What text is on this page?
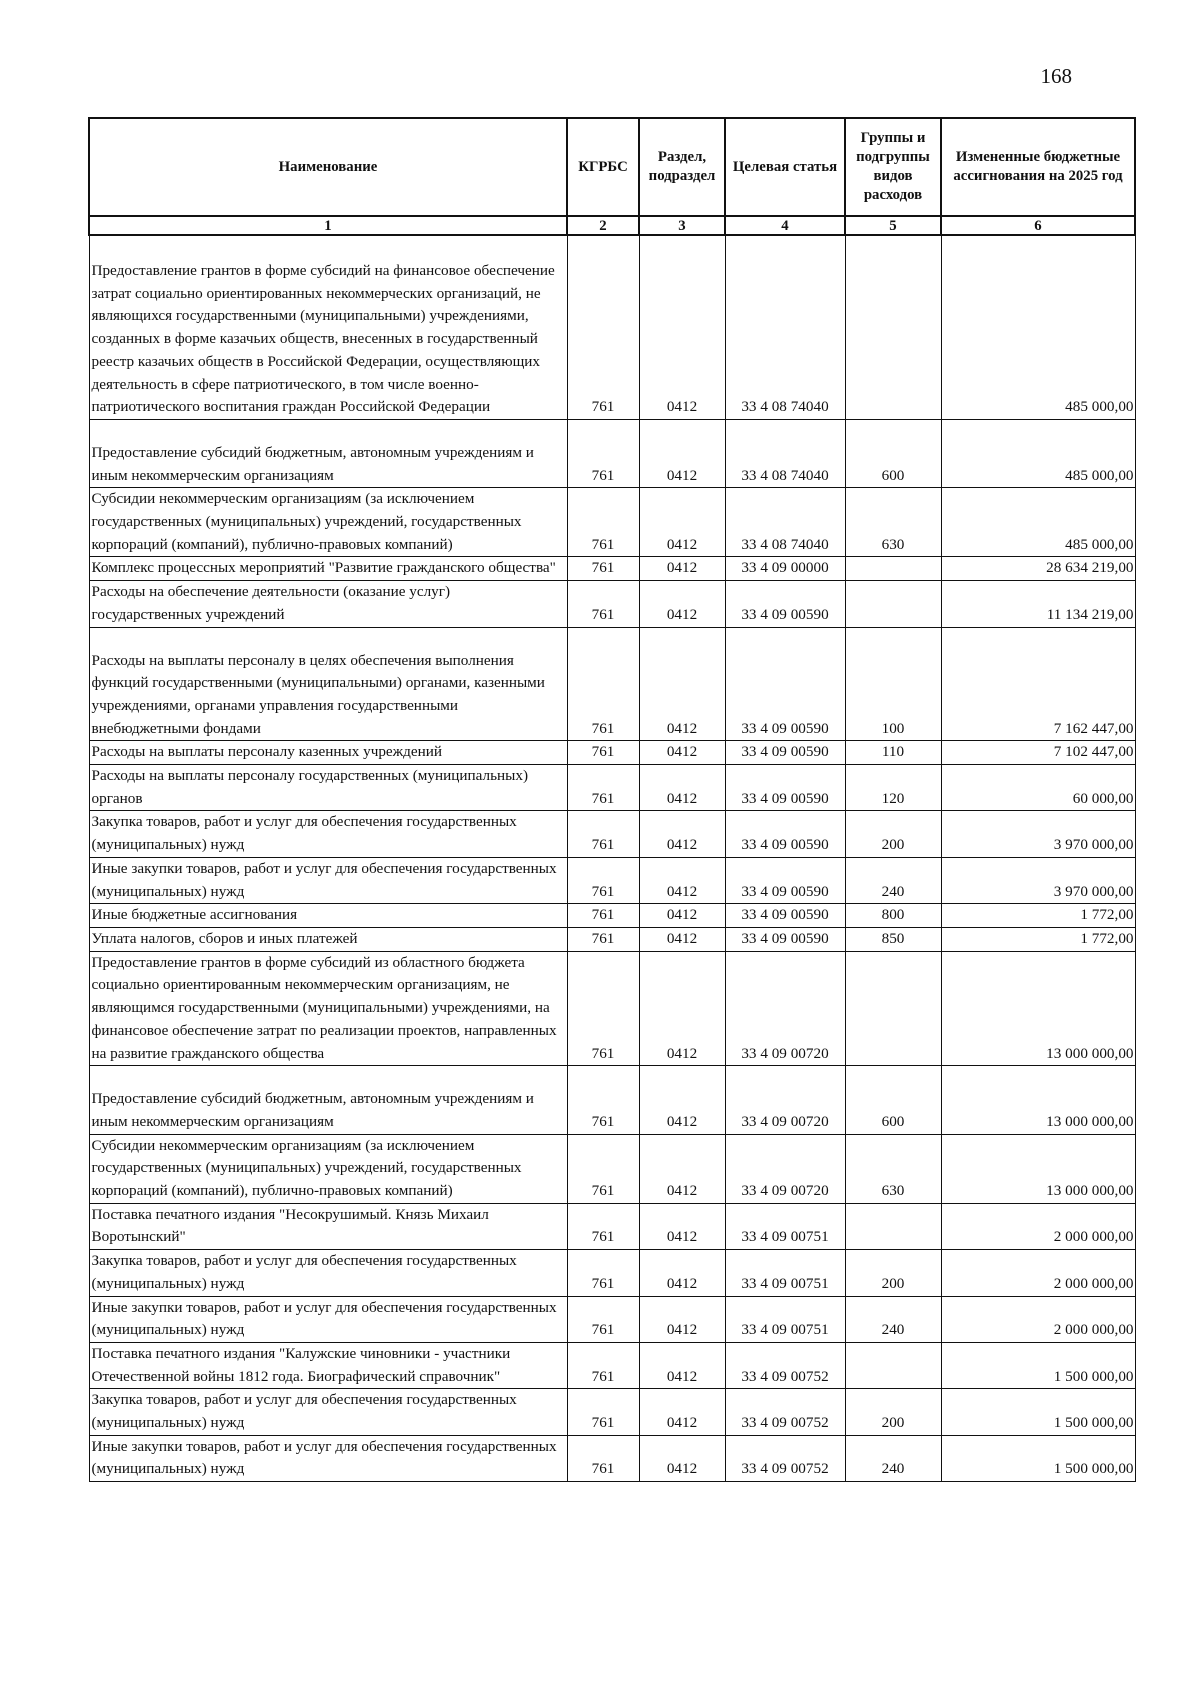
168
Наименование	КГРБС	Раздел, подраздел	Целевая статья	Группы и подгруппы видов расходов	Измененные бюджетные ассигнования на 2025 год
1	2	3	4	5	6
Предоставление грантов в форме субсидий на финансовое обеспечение затрат социально ориентированных некоммерческих организаций, не являющихся государственными (муниципальными) учреждениями, созданных в форме казачьих обществ, внесенных в государственный реестр казачьих обществ в Российской Федерации, осуществляющих деятельность в сфере патриотического, в том числе военно-патриотического воспитания граждан Российской Федерации	761	0412	33 4 08 74040		485 000,00
Предоставление субсидий бюджетным, автономным учреждениям и иным некоммерческим организациям	761	0412	33 4 08 74040	600	485 000,00
Субсидии некоммерческим организациям (за исключением государственных (муниципальных) учреждений, государственных корпораций (компаний), публично-правовых компаний)	761	0412	33 4 08 74040	630	485 000,00
Комплекс процессных мероприятий "Развитие гражданского общества"	761	0412	33 4 09 00000		28 634 219,00
Расходы на обеспечение деятельности (оказание услуг) государственных учреждений	761	0412	33 4 09 00590		11 134 219,00
Расходы на выплаты персоналу в целях обеспечения выполнения функций государственными (муниципальными) органами, казенными учреждениями, органами управления государственными внебюджетными фондами	761	0412	33 4 09 00590	100	7 162 447,00
Расходы на выплаты персоналу казенных учреждений	761	0412	33 4 09 00590	110	7 102 447,00
Расходы на выплаты персоналу государственных (муниципальных) органов	761	0412	33 4 09 00590	120	60 000,00
Закупка товаров, работ и услуг для обеспечения государственных (муниципальных) нужд	761	0412	33 4 09 00590	200	3 970 000,00
Иные закупки товаров, работ и услуг для обеспечения государственных (муниципальных) нужд	761	0412	33 4 09 00590	240	3 970 000,00
Иные бюджетные ассигнования	761	0412	33 4 09 00590	800	1 772,00
Уплата налогов, сборов и иных платежей	761	0412	33 4 09 00590	850	1 772,00
Предоставление грантов в форме субсидий из областного бюджета социально ориентированным некоммерческим организациям, не являющимся государственными (муниципальными) учреждениями, на финансовое обеспечение затрат по реализации проектов, направленных на развитие гражданского общества	761	0412	33 4 09 00720		13 000 000,00
Предоставление субсидий бюджетным, автономным учреждениям и иным некоммерческим организациям	761	0412	33 4 09 00720	600	13 000 000,00
Субсидии некоммерческим организациям (за исключением государственных (муниципальных) учреждений, государственных корпораций (компаний), публично-правовых компаний)	761	0412	33 4 09 00720	630	13 000 000,00
Поставка печатного издания "Несокрушимый. Князь Михаил Воротынский"	761	0412	33 4 09 00751		2 000 000,00
Закупка товаров, работ и услуг для обеспечения государственных (муниципальных) нужд	761	0412	33 4 09 00751	200	2 000 000,00
Иные закупки товаров, работ и услуг для обеспечения государственных (муниципальных) нужд	761	0412	33 4 09 00751	240	2 000 000,00
Поставка печатного издания "Калужские чиновники - участники Отечественной войны 1812 года. Биографический справочник"	761	0412	33 4 09 00752		1 500 000,00
Закупка товаров, работ и услуг для обеспечения государственных (муниципальных) нужд	761	0412	33 4 09 00752	200	1 500 000,00
Иные закупки товаров, работ и услуг для обеспечения государственных (муниципальных) нужд	761	0412	33 4 09 00752	240	1 500 000,00
